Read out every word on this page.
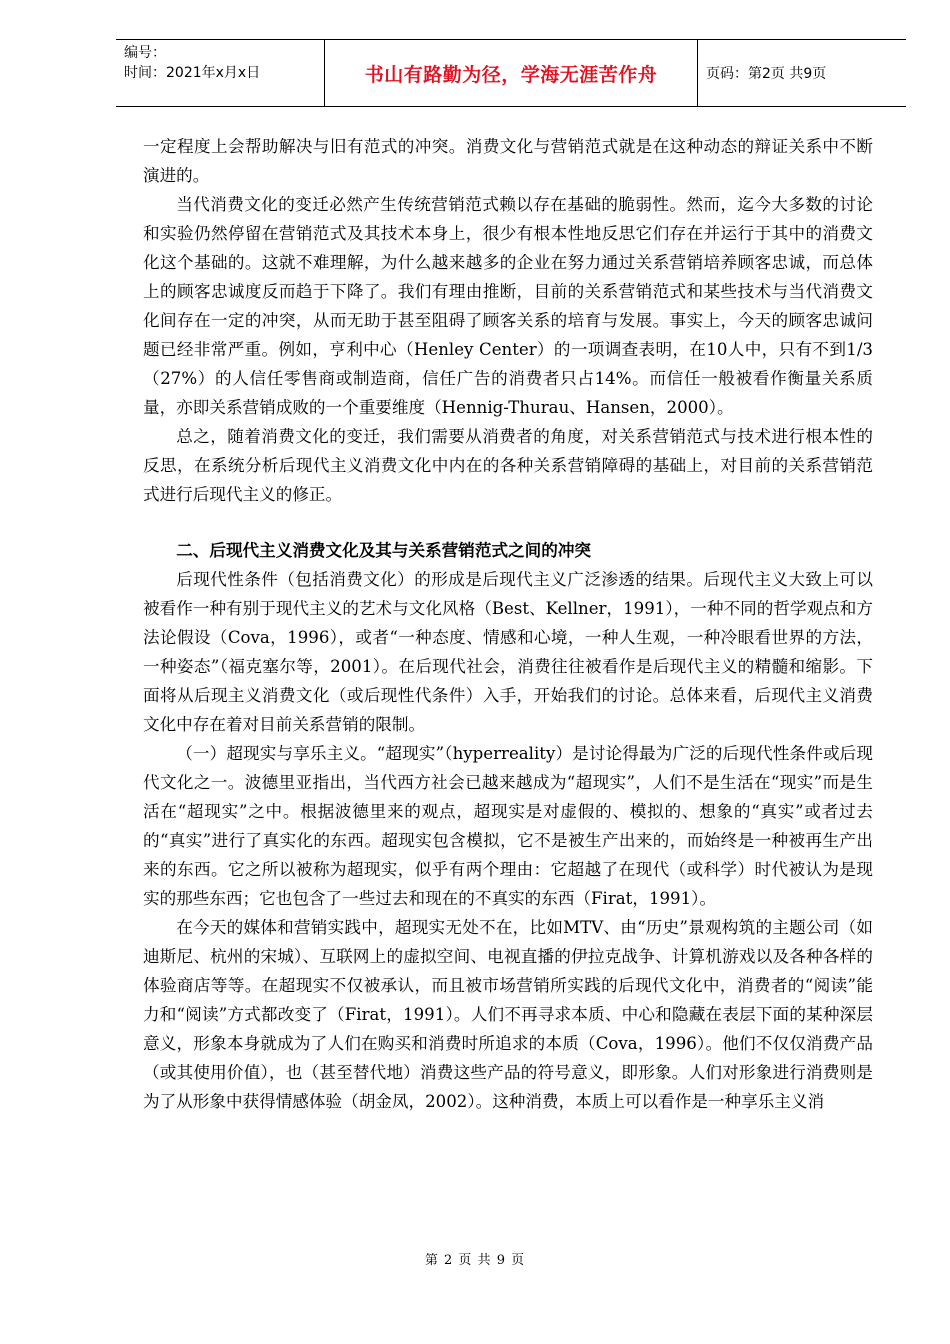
编号：
时间：2021年x月x日	书山有路勤为径，学海无涯苦作舟	页码：第2页 共9页

一定程度上会帮助解决与旧有范式的冲突。消费文化与营销范式就是在这种动态的辩证关系中不断演进的。

当代消费文化的变迁必然产生传统营销范式赖以存在基础的脆弱性。然而，迄今大多数的讨论和实验仍然停留在营销范式及其技术本身上，很少有根本性地反思它们存在并运行于其中的消费文化这个基础的。这就不难理解，为什么越来越多的企业在努力通过关系营销培养顾客忠诚，而总体上的顾客忠诚度反而趋于下降了。我们有理由推断，目前的关系营销范式和某些技术与当代消费文化间存在一定的冲突，从而无助于甚至阻碍了顾客关系的培育与发展。事实上，今天的顾客忠诚问题已经非常严重。例如，亨利中心（Henley Center）的一项调查表明，在10人中，只有不到1/3（27%）的人信任零售商或制造商，信任广告的消费者只占14%。而信任一般被看作衡量关系质量，亦即关系营销成败的一个重要维度（Hennig-Thurau、Hansen，2000）。

总之，随着消费文化的变迁，我们需要从消费者的角度，对关系营销范式与技术进行根本性的反思，在系统分析后现代主义消费文化中内在的各种关系营销障碍的基础上，对目前的关系营销范式进行后现代主义的修正。

二、后现代主义消费文化及其与关系营销范式之间的冲突

后现代性条件（包括消费文化）的形成是后现代主义广泛渗透的结果。后现代主义大致上可以被看作一种有别于现代主义的艺术与文化风格（Best、Kellner，1991），一种不同的哲学观点和方法论假设（Cova，1996），或者“一种态度、情感和心境，一种人生观，一种冷眼看世界的方法，一种姿态”（福克塞尔等，2001）。在后现代社会，消费往往被看作是后现代主义的精髓和缩影。下面将从后现主义消费文化（或后现性代条件）入手，开始我们的讨论。总体来看，后现代主义消费文化中存在着对目前关系营销的限制。

（一）超现实与享乐主义。“超现实”（hyperreality）是讨论得最为广泛的后现代性条件或后现代文化之一。波德里亚指出，当代西方社会已越来越成为“超现实”，人们不是生活在“现实”而是生活在“超现实”之中。根据波德里来的观点，超现实是对虚假的、模拟的、想象的“真实”或者过去的“真实”进行了真实化的东西。超现实包含模拟，它不是被生产出来的，而始终是一种被再生产出来的东西。它之所以被称为超现实，似乎有两个理由：它超越了在现代（或科学）时代被认为是现实的那些东西；它也包含了一些过去和现在的不真实的东西（Firat，1991）。

在今天的媒体和营销实践中，超现实无处不在，比如MTV、由“历史”景观构筑的主题公司（如迪斯尼、杭州的宋城）、互联网上的虚拟空间、电视直播的伊拉克战争、计算机游戏以及各种各样的体验商店等等。在超现实不仅被承认，而且被市场营销所实践的后现代文化中，消费者的“阅读”能力和“阅读”方式都改变了（Firat，1991）。人们不再寻求本质、中心和隐藏在表层下面的某种深层意义，形象本身就成为了人们在购买和消费时所追求的本质（Cova，1996）。他们不仅仅消费产品（或其使用价值），也（甚至替代地）消费这些产品的符号意义，即形象。人们对形象进行消费则是为了从形象中获得情感体验（胡金凤，2002）。这种消费，本质上可以看作是一种享乐主义消

第 2 页 共 9 页
